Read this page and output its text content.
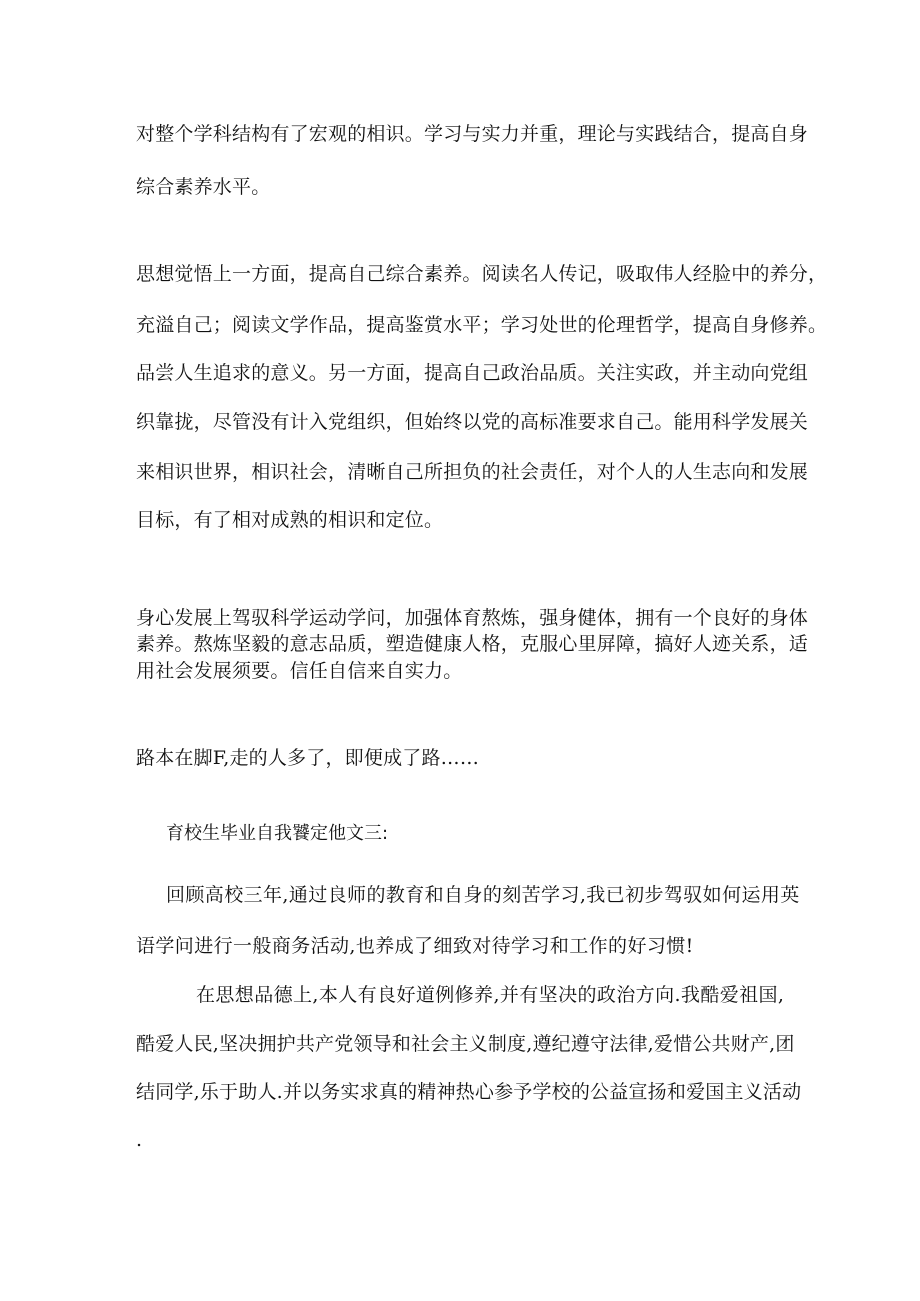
对整个学科结构有了宏观的相识。学习与实力并重，理论与实践结合，提高自身
综合素养水平。
思想觉悟上一方面，提高自己综合素养。阅读名人传记，吸取伟人经脸中的养分，
充溢自己；阅读文学作品，提高鉴赏水平；学习处世的伦理哲学，提高自身修养。
品尝人生追求的意义。另一方面，提高自己政治品质。关注实政，并主动向党组
织靠拢，尽管没有计入党组织，但始终以党的高标准要求自己。能用科学发展关
来相识世界，相识社会，清晰自己所担负的社会责任，对个人的人生志向和发展
目标，有了相对成熟的相识和定位。
身心发展上驾驭科学运动学问，加强体育熬炼，强身健体，拥有一个良好的身体
素养。熬炼坚毅的意志品质，塑造健康人格，克服心里屏障，搞好人迹关系，适
用社会发展须要。信任自信来自实力。
路本在脚F,走的人多了，即便成了路……
育校生毕业自我饕定他文三:
回顾高校三年,通过良师的教育和自身的刻苦学习,我已初步驾驭如何运用英
语学问进行一般商务活动,也养成了细致对待学习和工作的好习惯!
在思想品德上,本人有良好道例修养,并有坚决的政治方向.我酷爱祖国,
酷爱人民,坚决拥护共产党领导和社会主义制度,遵纪遵守法律,爱惜公共财产,团
结同学,乐于助人.并以务实求真的精神热心参予学校的公益宣扬和爱国主义活动
.
